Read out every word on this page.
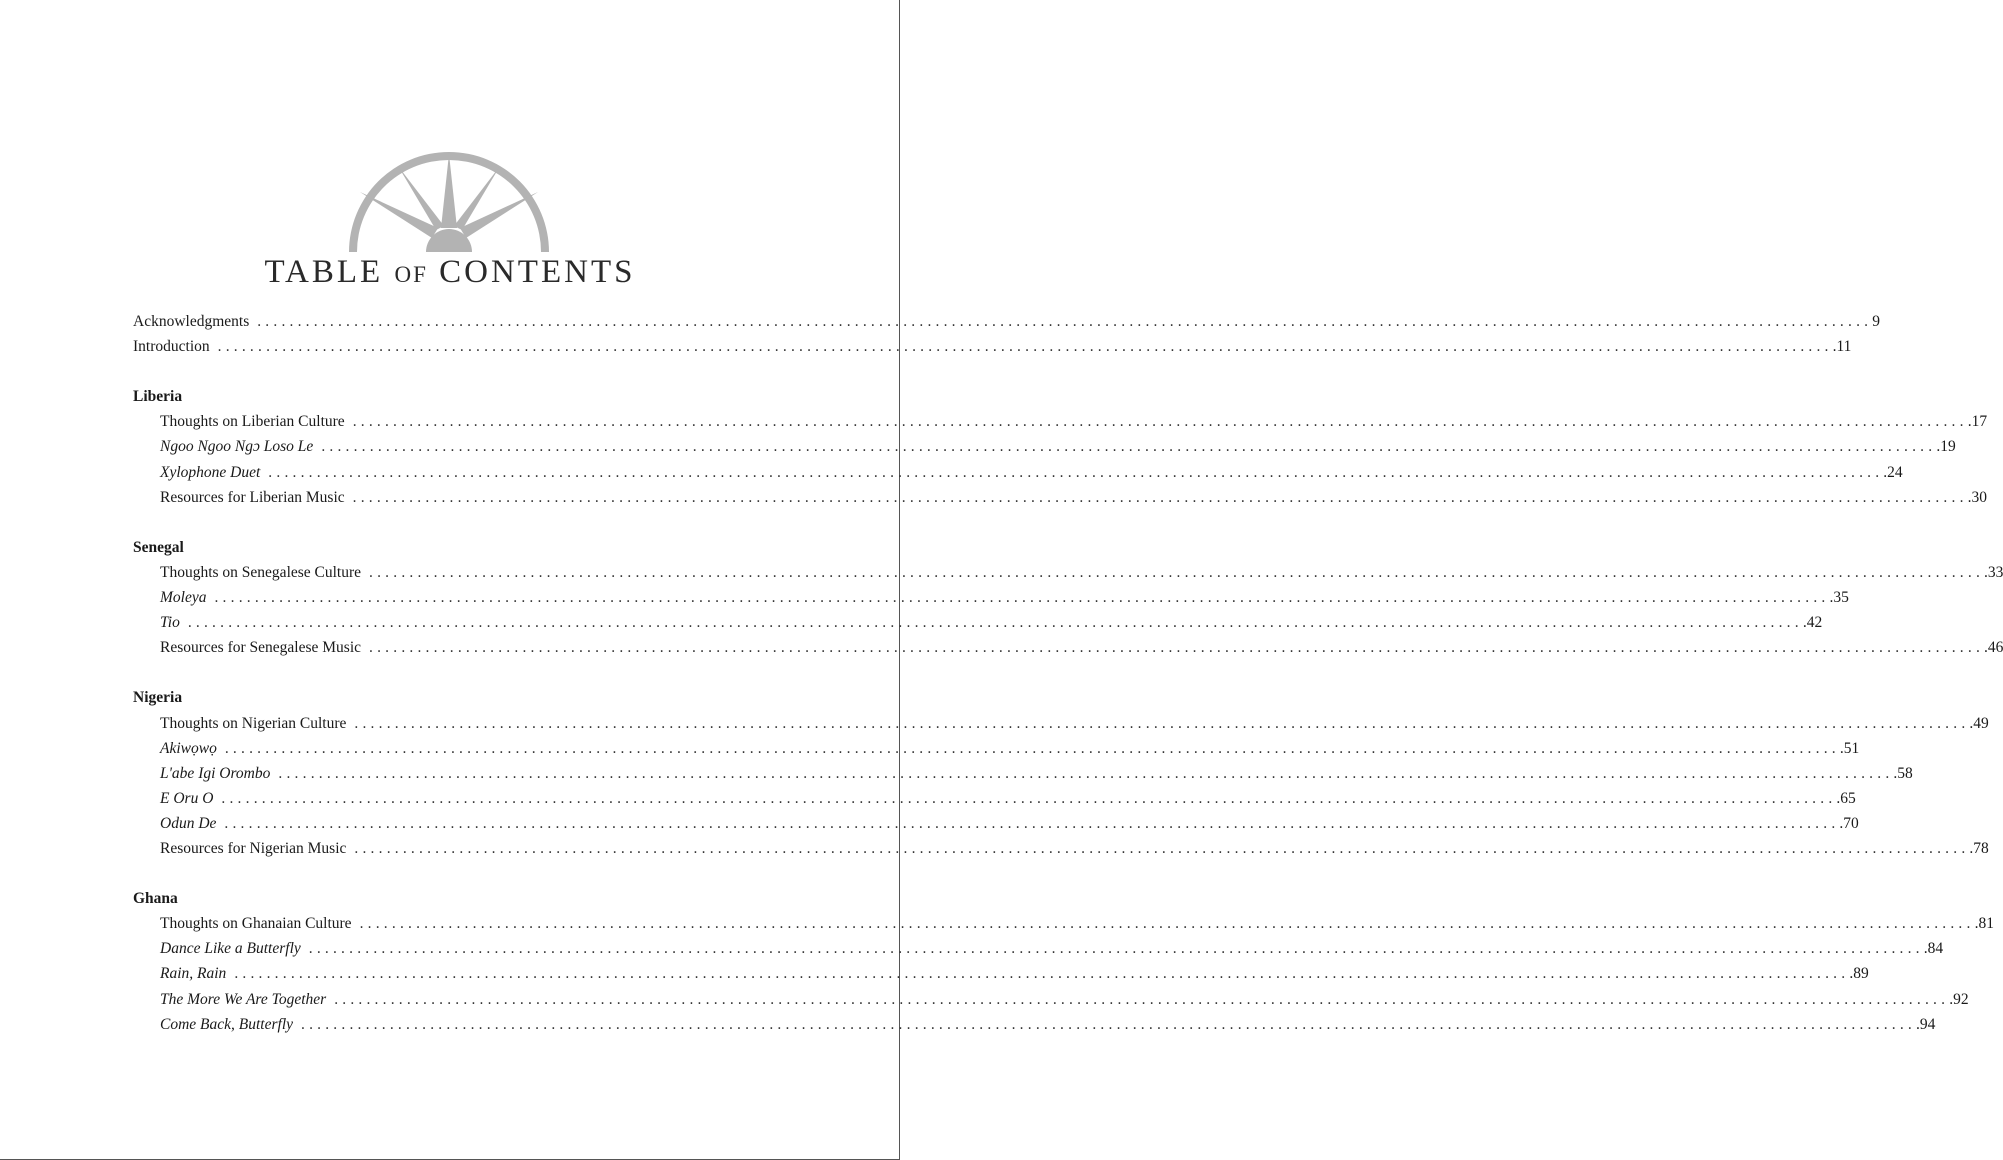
TABLE OF CONTENTS
Acknowledgments ........................................................................................................................................................................................................ 9
Introduction ........................................................................................................................................................................................................ .11
Liberia
Thoughts on Liberian Culture ........................................................................................................................................................................................................ .17
Ngoo Ngoo Ngɔ Loso Le ........................................................................................................................................................................................................ .19
Xylophone Duet ........................................................................................................................................................................................................ .24
Resources for Liberian Music ........................................................................................................................................................................................................ .30
Senegal
Thoughts on Senegalese Culture ........................................................................................................................................................................................................ .33
Moleya ........................................................................................................................................................................................................ .35
Tio ........................................................................................................................................................................................................ .42
Resources for Senegalese Music ........................................................................................................................................................................................................ .46
Nigeria
Thoughts on Nigerian Culture ........................................................................................................................................................................................................ .49
Akiwọwọ ........................................................................................................................................................................................................ .51
L'abe Igi Orombo ........................................................................................................................................................................................................ .58
E Oru O ........................................................................................................................................................................................................ .65
Odun De ........................................................................................................................................................................................................ .70
Resources for Nigerian Music ........................................................................................................................................................................................................ .78
Ghana
Thoughts on Ghanaian Culture ........................................................................................................................................................................................................ .81
Dance Like a Butterfly ........................................................................................................................................................................................................ .84
Rain, Rain ........................................................................................................................................................................................................ .89
The More We Are Together ........................................................................................................................................................................................................ .92
Come Back, Butterfly ........................................................................................................................................................................................................ .94
